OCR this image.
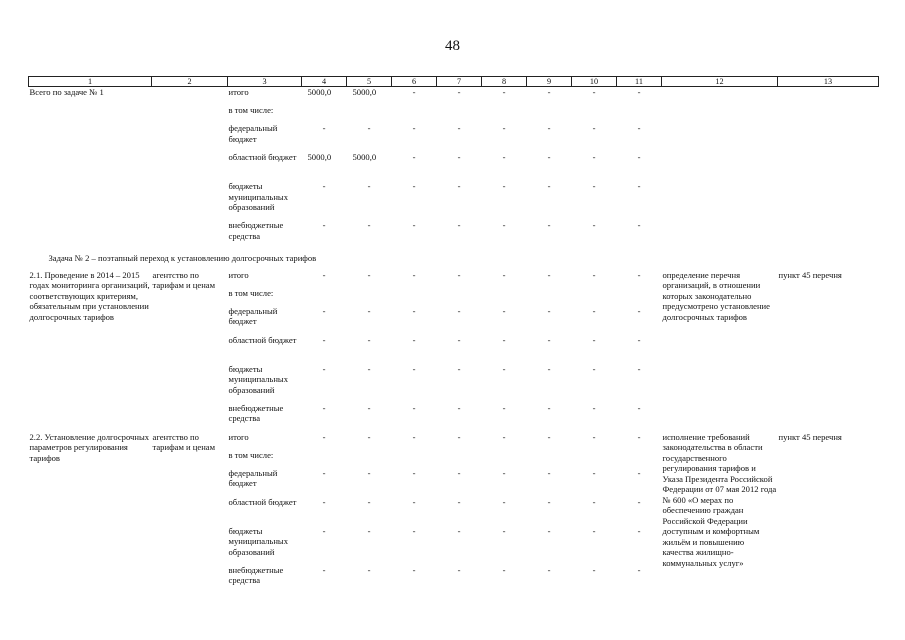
48
1	2	3	4	5	6	7	8	9	10	11	12	13
Всего по задаче № 1		итого	5000,0	5000,0	-	-	-	-	-	-		
		в том числе:										
		федеральный бюджет	-	-	-	-	-	-	-	-		
		областной бюджет	5000,0	5000,0	-	-	-	-	-	-		
		бюджеты муниципальных образований	-	-	-	-	-	-	-	-		
		внебюджетные средства	-	-	-	-	-	-	-	-		
Задача № 2 – поэтапный переход к установлению долгосрочных тарифов												
2.1. Проведение в 2014 – 2015 годах мониторинга организаций, соответствующих критериям, обязательным при установлении долгосрочных тарифов	агентство по тарифам и ценам	итого	-	-	-	-	-	-	-	-	определение перечня организаций, в отношении которых законодательно предусмотрено установление долгосрочных тарифов	пункт 45 перечня
		в том числе:										
		федеральный бюджет	-	-	-	-	-	-	-	-		
		областной бюджет	-	-	-	-	-	-	-	-		
		бюджеты муниципальных образований	-	-	-	-	-	-	-	-		
		внебюджетные средства	-	-	-	-	-	-	-	-		
2.2. Установление долгосрочных параметров регулирования тарифов	агентство по тарифам и ценам	итого	-	-	-	-	-	-	-	-	исполнение требований законодательства в области государственного регулирования тарифов и Указа Президента Российской Федерации от 07 мая 2012 года № 600 «О мерах по обеспечению граждан Российской Федерации доступным и комфортным жильём и повышению качества жилищно-коммунальных услуг»	пункт 45 перечня
		в том числе:										
		федеральный бюджет	-	-	-	-	-	-	-	-		
		областной бюджет	-	-	-	-	-	-	-	-		
		бюджеты муниципальных образований	-	-	-	-	-	-	-	-		
		внебюджетные средства	-	-	-	-	-	-	-	-		
